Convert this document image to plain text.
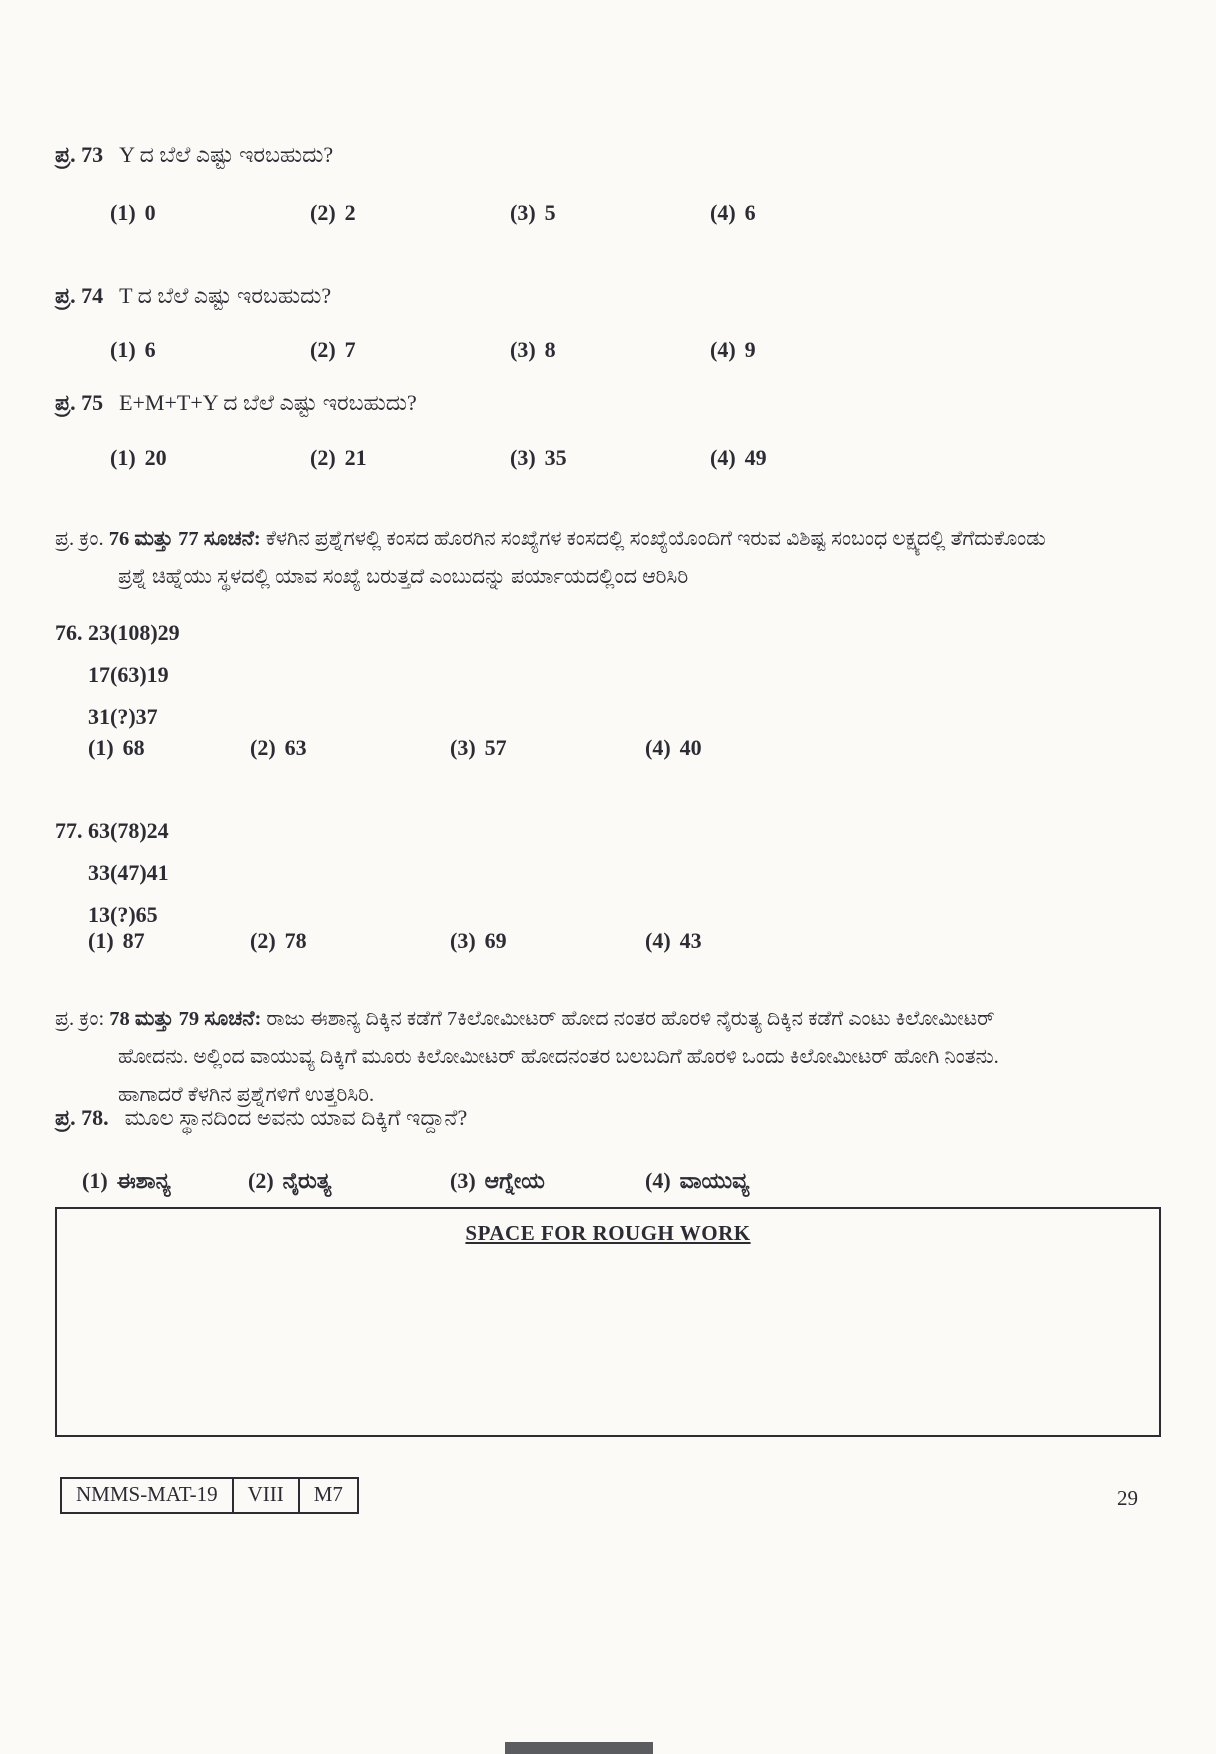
ಪ್ರ. 73 Y ದ ಬೆಲೆ ಎಷ್ಟು ಇರಬಹುದು?
(1) 0	(2) 2	(3) 5	(4) 6
ಪ್ರ. 74 T ದ ಬೆಲೆ ಎಷ್ಟು ಇರಬಹುದು?
(1) 6	(2) 7	(3) 8	(4) 9
ಪ್ರ. 75 E+M+T+Y ದ ಬೆಲೆ ಎಷ್ಟು ಇರಬಹುದು?
(1) 20	(2) 21	(3) 35	(4) 49
ಪ್ರ. ಕ್ರಂ. 76 ಮತ್ತು 77 ಸೂಚನೆ: ಕೆಳಗಿನ ಪ್ರಶ್ನೆಗಳಲ್ಲಿ ಕಂಸದ ಹೊರಗಿನ ಸಂಖ್ಯೆಗಳ ಕಂಸದಲ್ಲಿ ಸಂಖ್ಯೆಯೊಂದಿಗೆ ಇರುವ ವಿಶಿಷ್ಟ ಸಂಬಂಧ ಲಕ್ಷ್ಯದಲ್ಲಿ ತೆಗೆದುಕೊಂಡು ಪ್ರಶ್ನೆ ಚಿಹ್ನೆಯು ಸ್ಥಳದಲ್ಲಿ ಯಾವ ಸಂಖ್ಯೆ ಬರುತ್ತದೆ ಎಂಬುದನ್ನು ಪರ್ಯಾಯದಲ್ಲಿಂದ ಆರಿಸಿರಿ
76. 23(108)29
17(63)19
31(?)37
(1) 68	(2) 63	(3) 57	(4) 40
77. 63(78)24
33(47)41
13(?)65
(1) 87	(2) 78	(3) 69	(4) 43
ಪ್ರ. ಕ್ರಂ: 78 ಮತ್ತು 79 ಸೂಚನೆ: ರಾಜು ಈಶಾನ್ಯ ದಿಕ್ಕಿನ ಕಡೆಗೆ 7ಕಿಲೋಮೀಟರ್ ಹೋದ ನಂತರ ಹೊರಳಿ ನೈರುತ್ಯ ದಿಕ್ಕಿನ ಕಡೆಗೆ ಎಂಟು ಕಿಲೋಮೀಟರ್ ಹೋದನು. ಅಲ್ಲಿಂದ ವಾಯುವ್ಯ ದಿಕ್ಕಿಗೆ ಮೂರು ಕಿಲೋಮೀಟರ್ ಹೋದನಂತರ ಬಲಬದಿಗೆ ಹೊರಳಿ ಒಂದು ಕಿಲೋಮೀಟರ್ ಹೋಗಿ ನಿಂತನು. ಹಾಗಾದರೆ ಕೆಳಗಿನ ಪ್ರಶ್ನೆಗಳಿಗೆ ಉತ್ತರಿಸಿರಿ.
ಪ್ರ. 78. ಮೂಲ ಸ್ಥಾನದಿಂದ ಅವನು ಯಾವ ದಿಕ್ಕಿಗೆ ಇದ್ದಾನೆ?
(1) ಈಶಾನ್ಯ	(2) ನೈರುತ್ಯ	(3) ಆಗ್ನೇಯ	(4) ವಾಯುವ್ಯ
SPACE FOR ROUGH WORK
NMMS-MAT-19	VIII	M7	29
